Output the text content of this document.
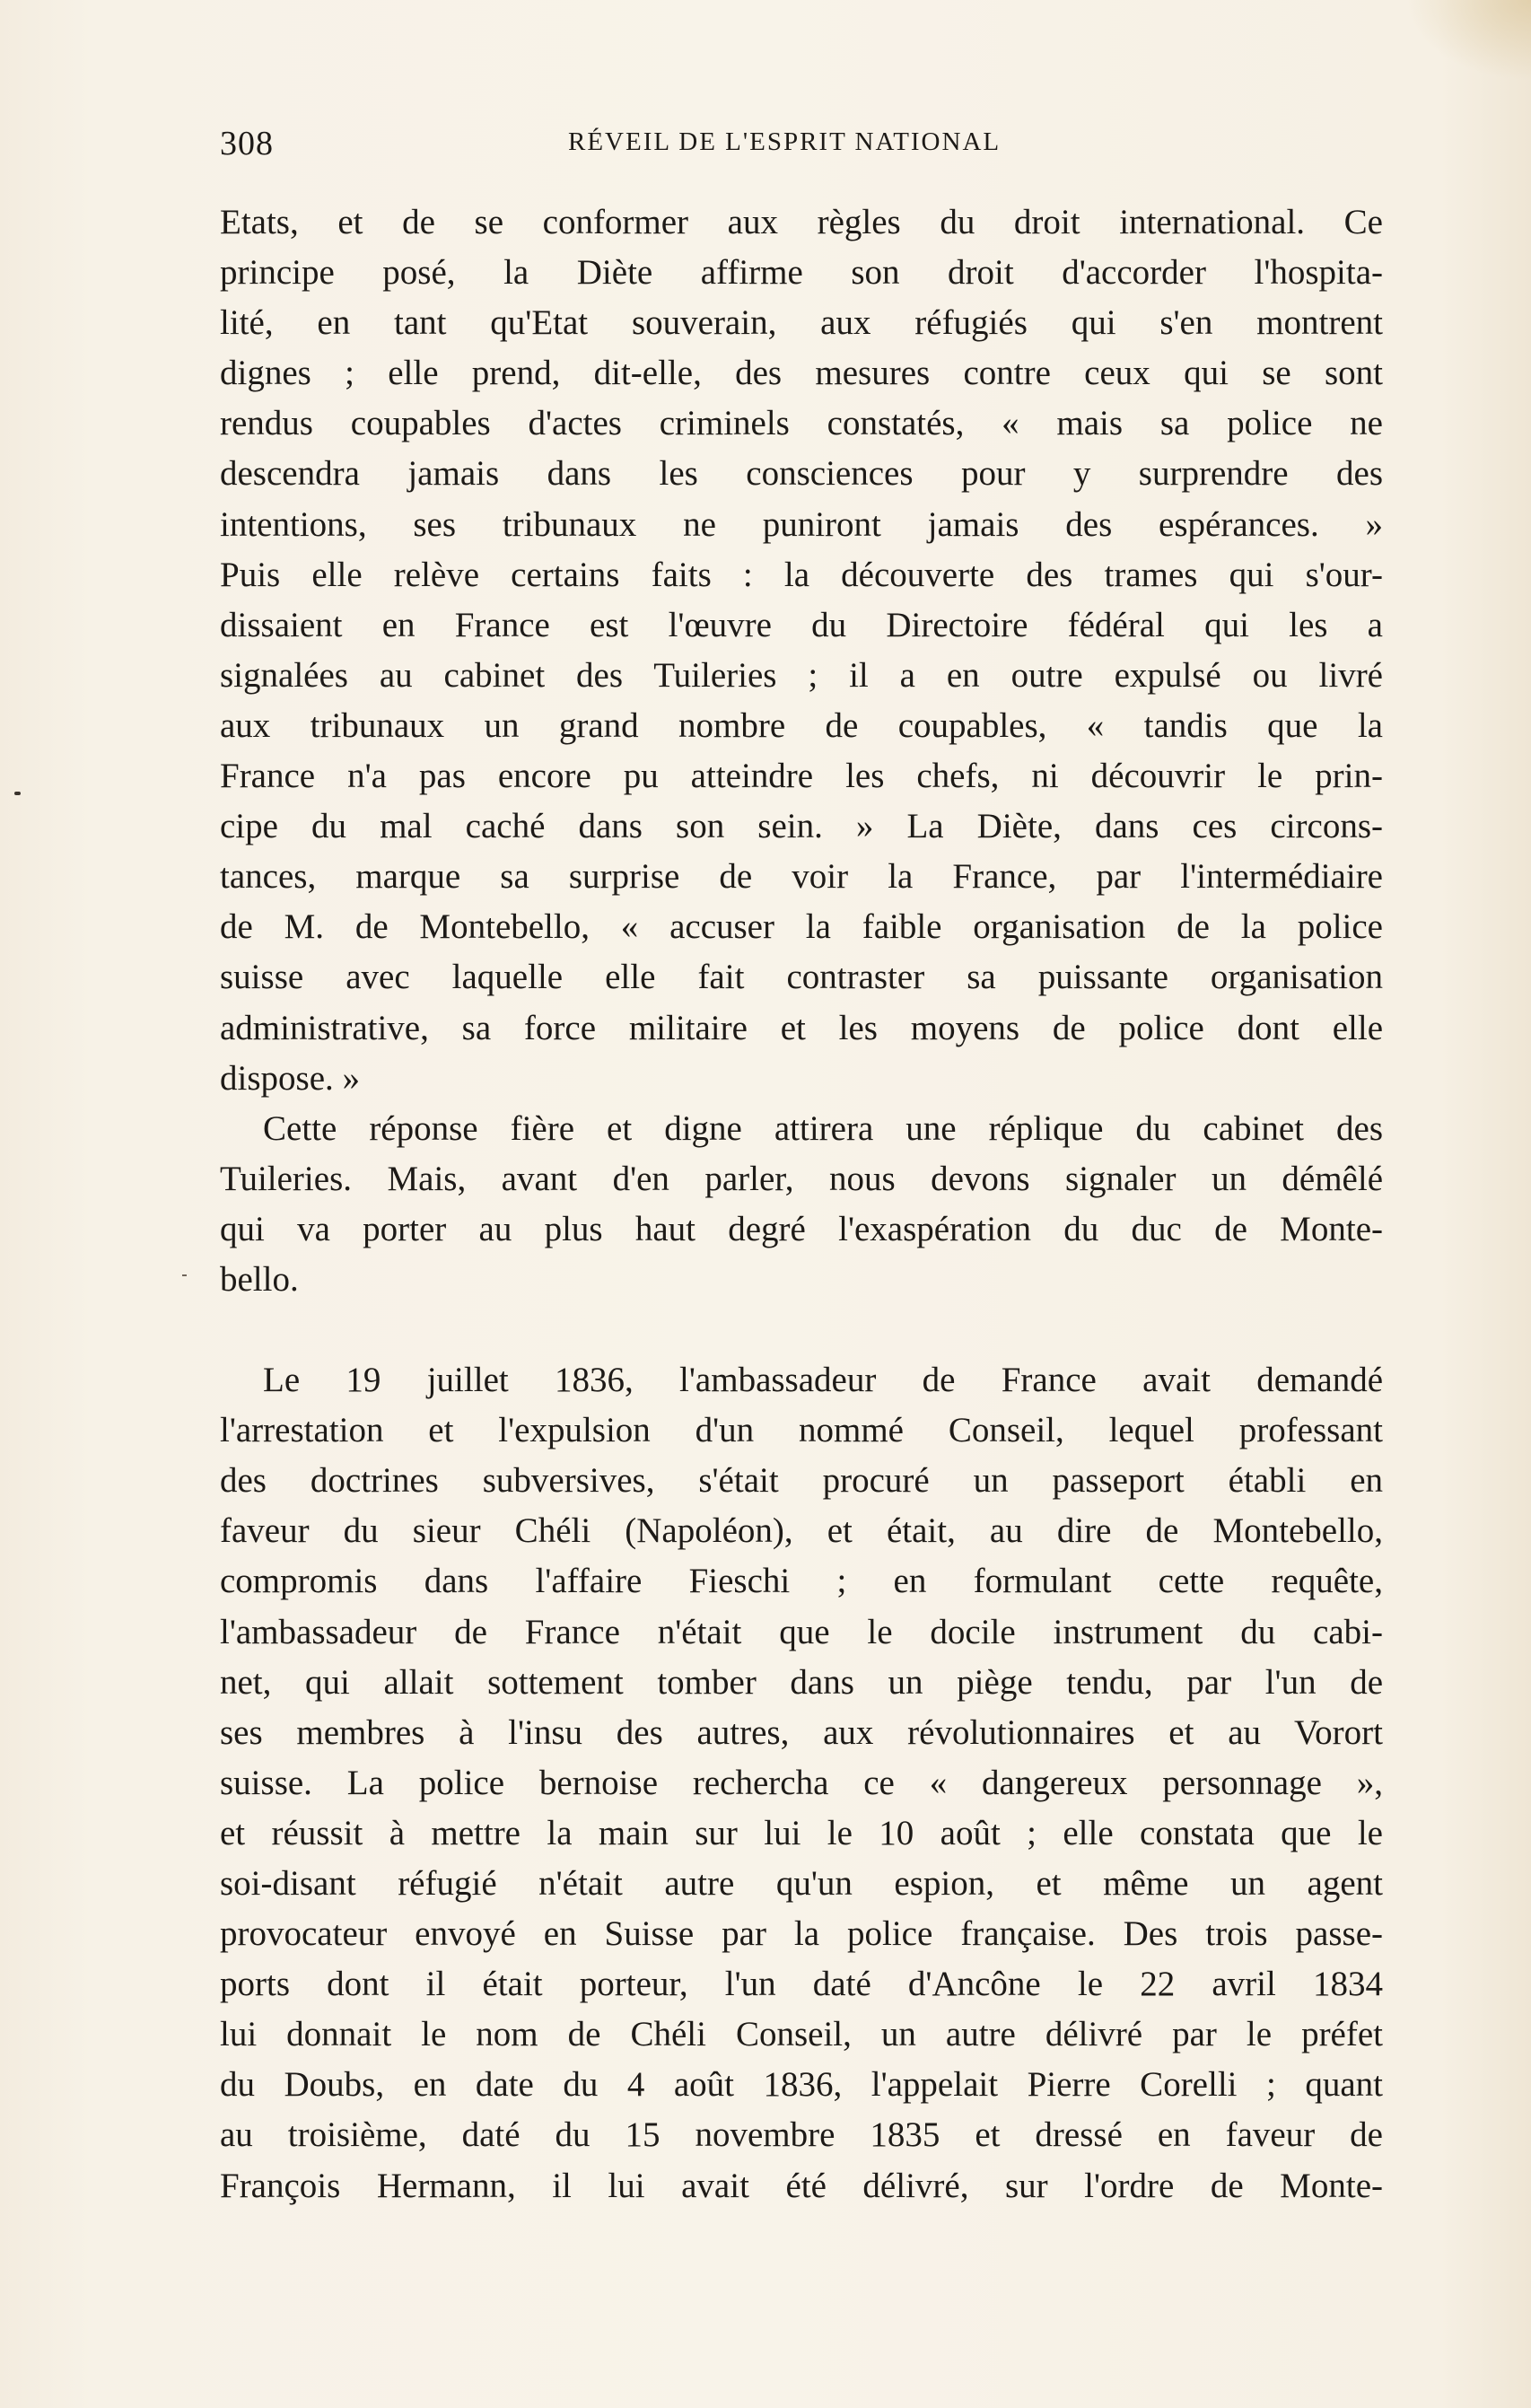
308	RÉVEIL DE L'ESPRIT NATIONAL
Etats, et de se conformer aux règles du droit international. Ce
principe posé, la Diète affirme son droit d'accorder l'hospita-
lité, en tant qu'Etat souverain, aux réfugiés qui s'en montrent
dignes ; elle prend, dit-elle, des mesures contre ceux qui se sont
rendus coupables d'actes criminels constatés, « mais sa police ne
descendra jamais dans les consciences pour y surprendre des
intentions, ses tribunaux ne puniront jamais des espérances. »
Puis elle relève certains faits : la découverte des trames qui s'our-
dissaient en France est l'œuvre du Directoire fédéral qui les a
signalées au cabinet des Tuileries ; il a en outre expulsé ou livré
aux tribunaux un grand nombre de coupables, « tandis que la
France n'a pas encore pu atteindre les chefs, ni découvrir le prin-
cipe du mal caché dans son sein. » La Diète, dans ces circons-
tances, marque sa surprise de voir la France, par l'intermédiaire
de M. de Montebello, « accuser la faible organisation de la police
suisse avec laquelle elle fait contraster sa puissante organisation
administrative, sa force militaire et les moyens de police dont elle
dispose. »
Cette réponse fière et digne attirera une réplique du cabinet des
Tuileries. Mais, avant d'en parler, nous devons signaler un démêlé
qui va porter au plus haut degré l'exaspération du duc de Monte-
bello.
Le 19 juillet 1836, l'ambassadeur de France avait demandé
l'arrestation et l'expulsion d'un nommé Conseil, lequel professant
des doctrines subversives, s'était procuré un passeport établi en
faveur du sieur Chéli (Napoléon), et était, au dire de Montebello,
compromis dans l'affaire Fieschi ; en formulant cette requête,
l'ambassadeur de France n'était que le docile instrument du cabi-
net, qui allait sottement tomber dans un piège tendu, par l'un de
ses membres à l'insu des autres, aux révolutionnaires et au Vorort
suisse. La police bernoise rechercha ce « dangereux personnage »,
et réussit à mettre la main sur lui le 10 août ; elle constata que le
soi-disant réfugié n'était autre qu'un espion, et même un agent
provocateur envoyé en Suisse par la police française. Des trois passe-
ports dont il était porteur, l'un daté d'Ancône le 22 avril 1834
lui donnait le nom de Chéli Conseil, un autre délivré par le préfet
du Doubs, en date du 4 août 1836, l'appelait Pierre Corelli ; quant
au troisième, daté du 15 novembre 1835 et dressé en faveur de
François Hermann, il lui avait été délivré, sur l'ordre de Monte-
